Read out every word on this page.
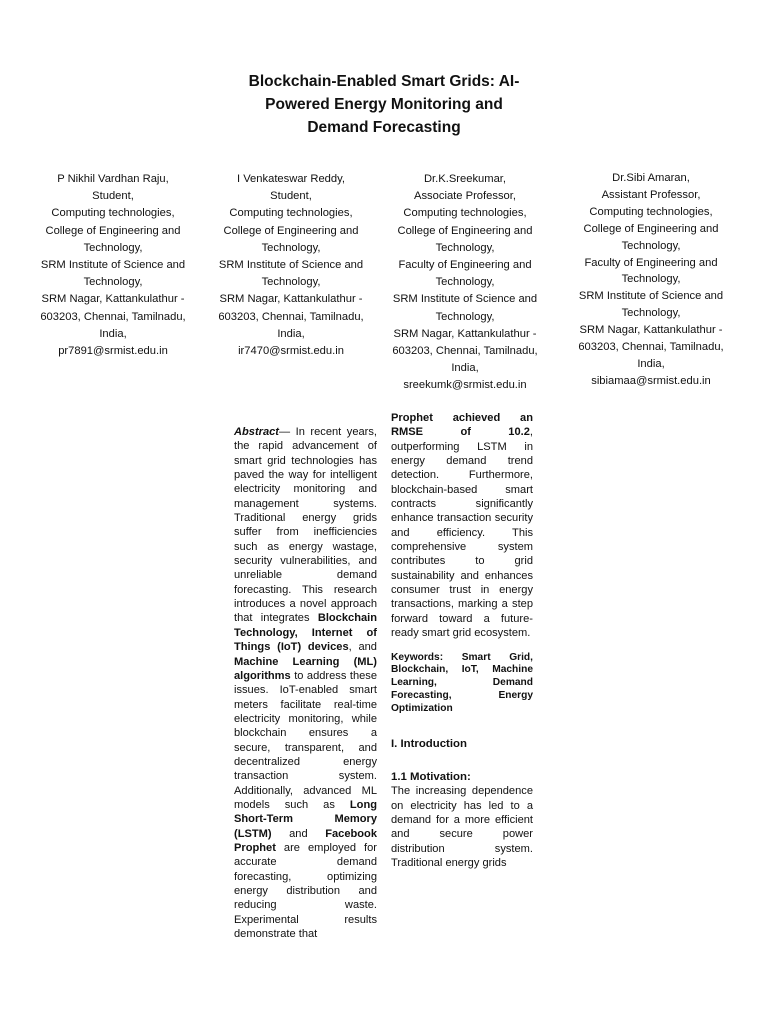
Blockchain-Enabled Smart Grids: AI-
Powered Energy Monitoring and
Demand Forecasting
P Nikhil Vardhan Raju,
Student,
Computing technologies,
College of Engineering and
Technology,
SRM Institute of Science and
Technology,
SRM Nagar, Kattankulathur -
603203, Chennai, Tamilnadu,
India,
pr7891@srmist.edu.in
I Venkateswar Reddy,
Student,
Computing technologies,
College of Engineering and
Technology,
SRM Institute of Science and
Technology,
SRM Nagar, Kattankulathur -
603203, Chennai, Tamilnadu,
India,
ir7470@srmist.edu.in
Dr.K.Sreekumar,
Associate Professor,
Computing technologies,
College of Engineering and
Technology,
Faculty of Engineering and
Technology,
SRM Institute of Science and
Technology,
SRM Nagar, Kattankulathur -
603203, Chennai, Tamilnadu,
India,
sreekumk@srmist.edu.in
Dr.Sibi Amaran,
Assistant Professor,
Computing technologies,
College of Engineering and
Technology,
Faculty of Engineering and
Technology,
SRM Institute of Science and
Technology,
SRM Nagar, Kattankulathur -
603203, Chennai, Tamilnadu,
India,
sibiamaa@srmist.edu.in

Abstract— In recent years, the rapid advancement of smart grid technologies has paved the way for intelligent electricity monitoring and management systems. Traditional energy grids suffer from inefficiencies such as energy wastage, security vulnerabilities, and unreliable demand forecasting. This research introduces a novel approach that integrates Blockchain Technology, Internet of Things (IoT) devices, and Machine Learning (ML) algorithms to address these issues. IoT-enabled smart meters facilitate real-time electricity monitoring, while blockchain ensures a secure, transparent, and decentralized energy transaction system. Additionally, advanced ML models such as Long Short-Term Memory (LSTM) and Facebook Prophet are employed for accurate demand forecasting, optimizing energy distribution and reducing waste. Experimental results demonstrate that

Prophet achieved an RMSE of 10.2, outperforming LSTM in energy demand trend detection. Furthermore, blockchain-based smart contracts significantly enhance transaction security and efficiency. This comprehensive system contributes to grid sustainability and enhances consumer trust in energy transactions, marking a step forward toward a future-ready smart grid ecosystem.

Keywords: Smart Grid, Blockchain, IoT, Machine Learning, Demand Forecasting, Energy Optimization

I. Introduction

1.1 Motivation:

The increasing dependence on electricity has led to a demand for a more efficient and secure power distribution system. Traditional energy grids
